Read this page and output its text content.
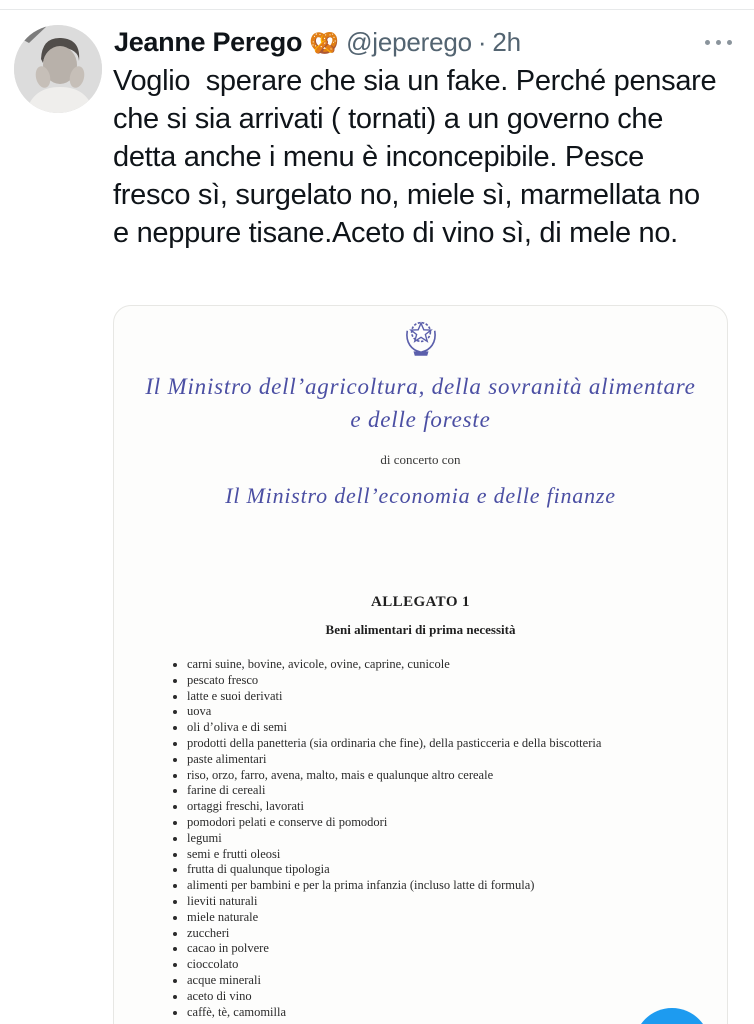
Jeanne Perego 🥨 @jeperego · 2h
Voglio  sperare che sia un fake. Perché pensare che si sia arrivati ( tornati) a un governo che detta anche i menu è inconcepibile. Pesce fresco sì, surgelato no, miele sì, marmellata no e neppure tisane.Aceto di vino sì, di mele no.
Il Ministro dell’agricoltura, della sovranità alimentare
e delle foreste
di concerto con
Il Ministro dell’economia e delle finanze
ALLEGATO 1
Beni alimentari di prima necessità
• carni suine, bovine, avicole, ovine, caprine, cunicole
• pescato fresco
• latte e suoi derivati
• uova
• oli d’oliva e di semi
• prodotti della panetteria (sia ordinaria che fine), della pasticceria e della biscotteria
• paste alimentari
• riso, orzo, farro, avena, malto, mais e qualunque altro cereale
• farine di cereali
• ortaggi freschi, lavorati
• pomodori pelati e conserve di pomodori
• legumi
• semi e frutti oleosi
• frutta di qualunque tipologia
• alimenti per bambini e per la prima infanzia (incluso latte di formula)
• lieviti naturali
• miele naturale
• zuccheri
• cacao in polvere
• cioccolato
• acque minerali
• aceto di vino
• caffè, tè, camomilla
